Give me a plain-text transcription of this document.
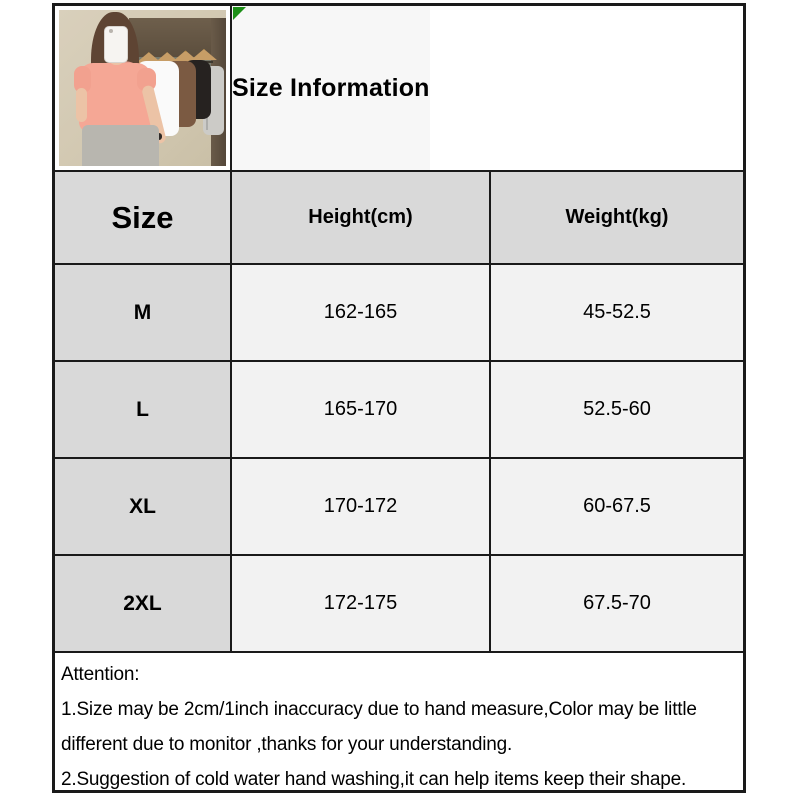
Size Information
Size	Height(cm)	Weight(kg)
M	162-165	45-52.5
L	165-170	52.5-60
XL	170-172	60-67.5
2XL	172-175	67.5-70
Attention:
1.Size may be 2cm/1inch inaccuracy due to hand measure,Color may be little
different due to monitor ,thanks for your understanding.
2.Suggestion of cold water hand washing,it can help items keep their shape.
